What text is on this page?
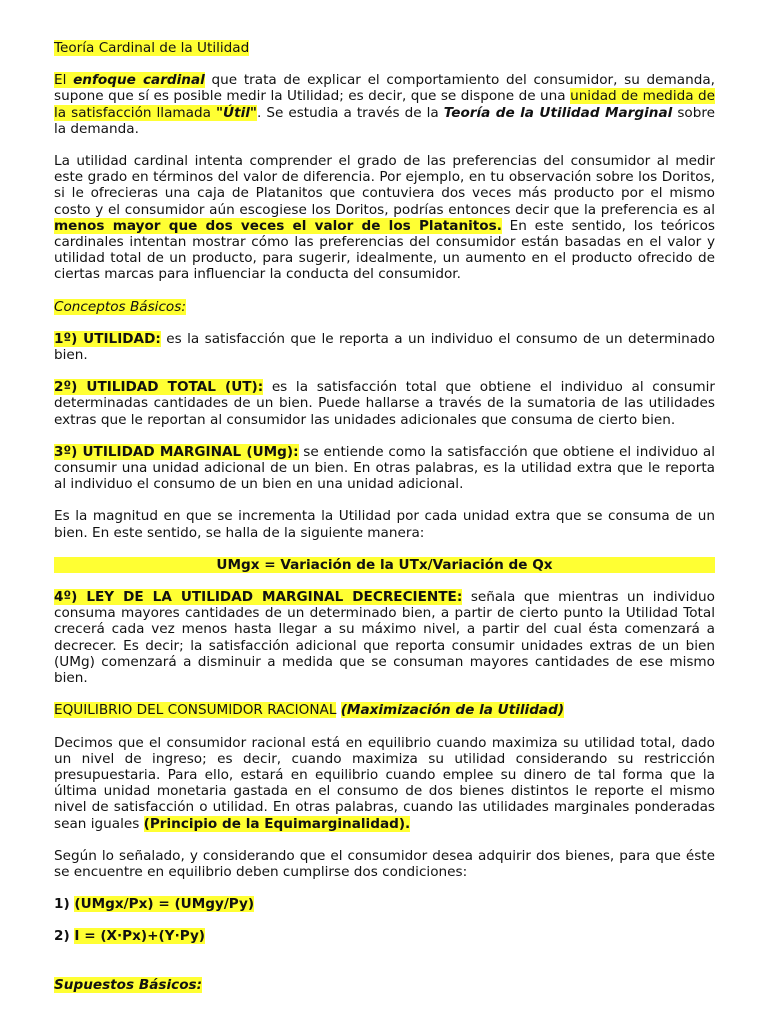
Teoría Cardinal de la Utilidad

El enfoque cardinal que trata de explicar el comportamiento del consumidor, su demanda, supone que sí es posible medir la Utilidad; es decir, que se dispone de una unidad de medida de la satisfacción llamada "Útil". Se estudia a través de la Teoría de la Utilidad Marginal sobre la demanda.

La utilidad cardinal intenta comprender el grado de las preferencias del consumidor al medir este grado en términos del valor de diferencia. Por ejemplo, en tu observación sobre los Doritos, si le ofrecieras una caja de Platanitos que contuviera dos veces más producto por el mismo costo y el consumidor aún escogiese los Doritos, podrías entonces decir que la preferencia es al menos mayor que dos veces el valor de los Platanitos. En este sentido, los teóricos cardinales intentan mostrar cómo las preferencias del consumidor están basadas en el valor y utilidad total de un producto, para sugerir, idealmente, un aumento en el producto ofrecido de ciertas marcas para influenciar la conducta del consumidor.

Conceptos Básicos:

1º) UTILIDAD: es la satisfacción que le reporta a un individuo el consumo de un determinado bien.

2º) UTILIDAD TOTAL (UT): es la satisfacción total que obtiene el individuo al consumir determinadas cantidades de un bien. Puede hallarse a través de la sumatoria de las utilidades extras que le reportan al consumidor las unidades adicionales que consuma de cierto bien.

3º) UTILIDAD MARGINAL (UMg): se entiende como la satisfacción que obtiene el individuo al consumir una unidad adicional de un bien. En otras palabras, es la utilidad extra que le reporta al individuo el consumo de un bien en una unidad adicional.

Es la magnitud en que se incrementa la Utilidad por cada unidad extra que se consuma de un bien. En este sentido, se halla de la siguiente manera:

UMgx = Variación de la UTx/Variación de Qx

4º) LEY DE LA UTILIDAD MARGINAL DECRECIENTE: señala que mientras un individuo consuma mayores cantidades de un determinado bien, a partir de cierto punto la Utilidad Total crecerá cada vez menos hasta llegar a su máximo nivel, a partir del cual ésta comenzará a decrecer. Es decir; la satisfacción adicional que reporta consumir unidades extras de un bien (UMg) comenzará a disminuir a medida que se consuman mayores cantidades de ese mismo bien.

EQUILIBRIO DEL CONSUMIDOR RACIONAL (Maximización de la Utilidad)

Decimos que el consumidor racional está en equilibrio cuando maximiza su utilidad total, dado un nivel de ingreso; es decir, cuando maximiza su utilidad considerando su restricción presupuestaria. Para ello, estará en equilibrio cuando emplee su dinero de tal forma que la última unidad monetaria gastada en el consumo de dos bienes distintos le reporte el mismo nivel de satisfacción o utilidad. En otras palabras, cuando las utilidades marginales ponderadas sean iguales (Principio de la Equimarginalidad).

Según lo señalado, y considerando que el consumidor desea adquirir dos bienes, para que éste se encuentre en equilibrio deben cumplirse dos condiciones:

1) (UMgx/Px) = (UMgy/Py)

2) I = (X·Px)+(Y·Py)

Supuestos Básicos:
